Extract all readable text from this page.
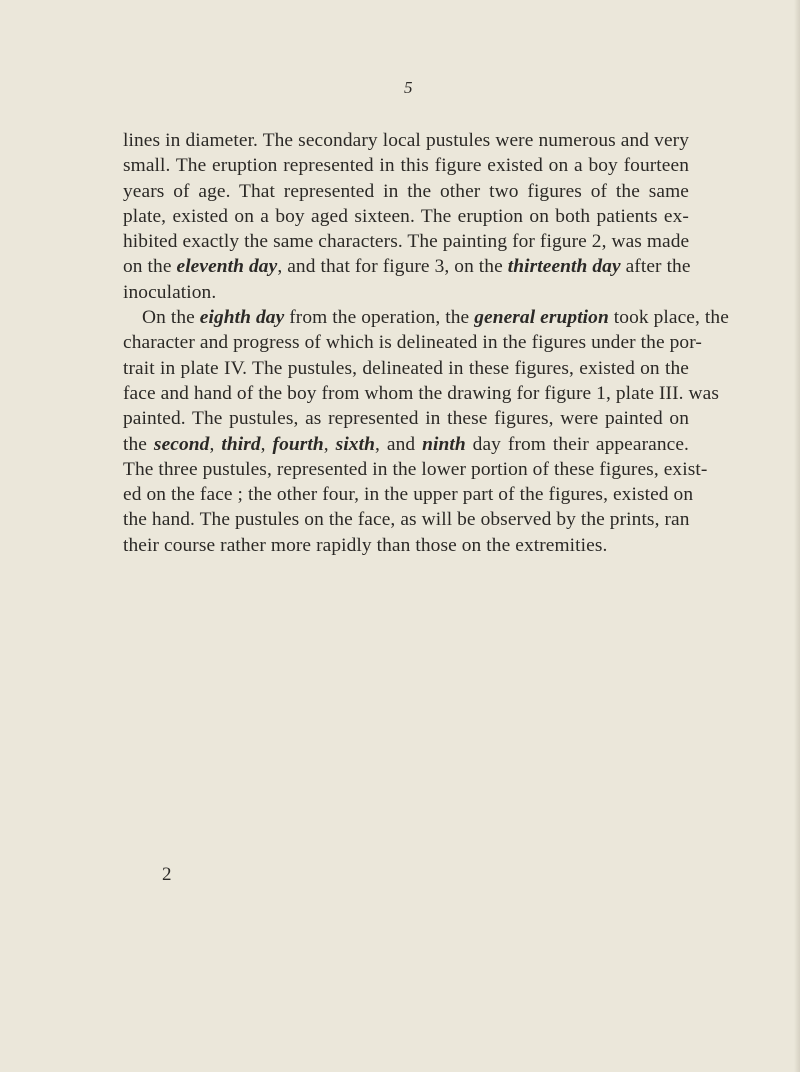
5
lines in diameter. The secondary local pustules were numerous and very
small. The eruption represented in this figure existed on a boy fourteen
years of age. That represented in the other two figures of the same
plate, existed on a boy aged sixteen. The eruption on both patients ex-
hibited exactly the same characters. The painting for figure 2, was made
on the eleventh day, and that for figure 3, on the thirteenth day after the
inoculation.
On the eighth day from the operation, the general eruption took place, the
character and progress of which is delineated in the figures under the por-
trait in plate IV. The pustules, delineated in these figures, existed on the
face and hand of the boy from whom the drawing for figure 1, plate III. was
painted. The pustules, as represented in these figures, were painted on
the second, third, fourth, sixth, and ninth day from their appearance.
The three pustules, represented in the lower portion of these figures, exist-
ed on the face ; the other four, in the upper part of the figures, existed on
the hand. The pustules on the face, as will be observed by the prints, ran
their course rather more rapidly than those on the extremities.
2
